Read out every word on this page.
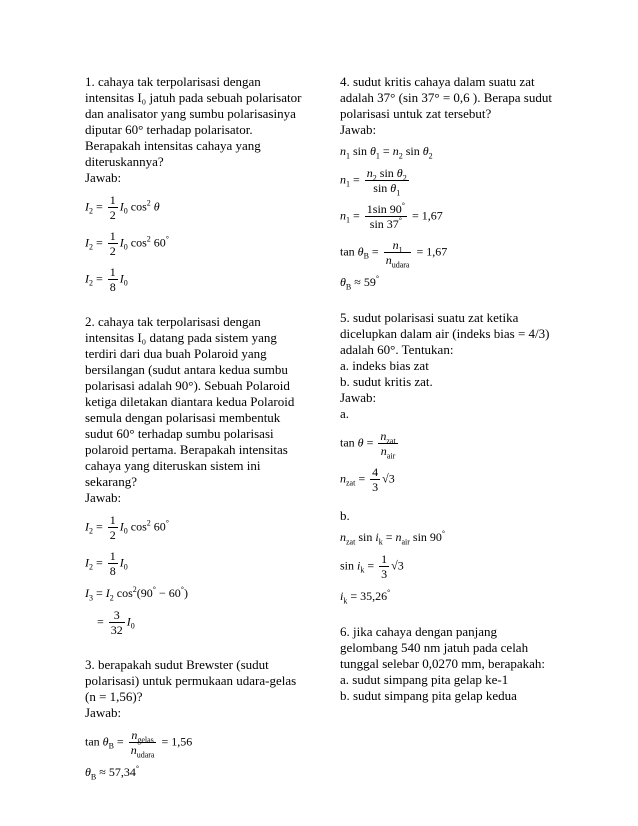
1. cahaya tak terpolarisasi dengan intensitas I₀ jatuh pada sebuah polarisator dan analisator yang sumbu polarisasinya diputar 60° terhadap polarisator. Berapakah intensitas cahaya yang diteruskannya?

Jawab:

$I_2 = \frac{1}{2} I_0$ $\cos^2 \theta$
$I_2 = \frac{1}{2} I_0$ $\cos^2 60^\circ$
$I_2 = \frac{1}{8} I_0$

2. cahaya tak terpolarisasi dengan intensitas I₀ datang pada sistem yang terdiri dari dua buah Polaroid yang bersilangan (sudut antara kedua sumbu polarisasi adalah 90°). Sebuah Polaroid ketiga diletakan diantara kedua Polaroid semula dengan polarisasi membentuk sudut 60° terhadap sumbu polarisasi polaroid pertama. Berapakah intensitas cahaya yang diteruskan sistem ini sekarang?

Jawab:

$I_2 = \frac{1}{2} I_0$ $\cos^2 60^\circ$
$I_2 = \frac{1}{8} I_0$
$I_3 = I_2$ $\cos^2(90^\circ - 60^\circ)$
= $\frac{3}{32} I_0$

3. berapakah sudut Brewster (sudut polarisasi) untuk permukaan udara-gelas (n = 1,56)?

Jawab:

$\tan \theta_B = \frac{n_{gelas}}{n_{udara}} = 1,56$
$\theta_B \approx 57,34^\circ$

4. sudut kritis cahaya dalam suatu zat adalah 37° (sin 37° = 0,6 ). Berapa sudut polarisasi untuk zat tersebut?

Jawab:

$n_1$ $\sin \theta_1 = n_2$ $\sin \theta_2$
$n_1 = \frac{n_2 \sin \theta_2}{\sin \theta_1}$
$n_1 = \frac{1\sin 90^\circ}{\sin 37^\circ} = 1,67$
$\tan \theta_B = \frac{n_1}{n_{udara}} = 1,67$
$\theta_B \approx 59^\circ$

5. sudut polarisasi suatu zat ketika dicelupkan dalam air (indeks bias = 4/3) adalah 60°. Tentukan:

a. indeks bias zat

b. sudut kritis zat.

Jawab:

a.

$\tan \theta = \frac{n_{zat}}{n_{air}}$
$n_{zat} = \frac{4}{3} √3$

b.

$n_{zat}$ $\sin i_k = n_{air}$ sin 90°
$\sin i_k = \frac{1}{3} √3$
$i_k = 35,26^\circ$

6. jika cahaya dengan panjang gelombang 540 nm jatuh pada celah tunggal selebar 0,0270 mm, berapakah:

a. sudut simpang pita gelap ke-1

b. sudut simpang pita gelap kedua
